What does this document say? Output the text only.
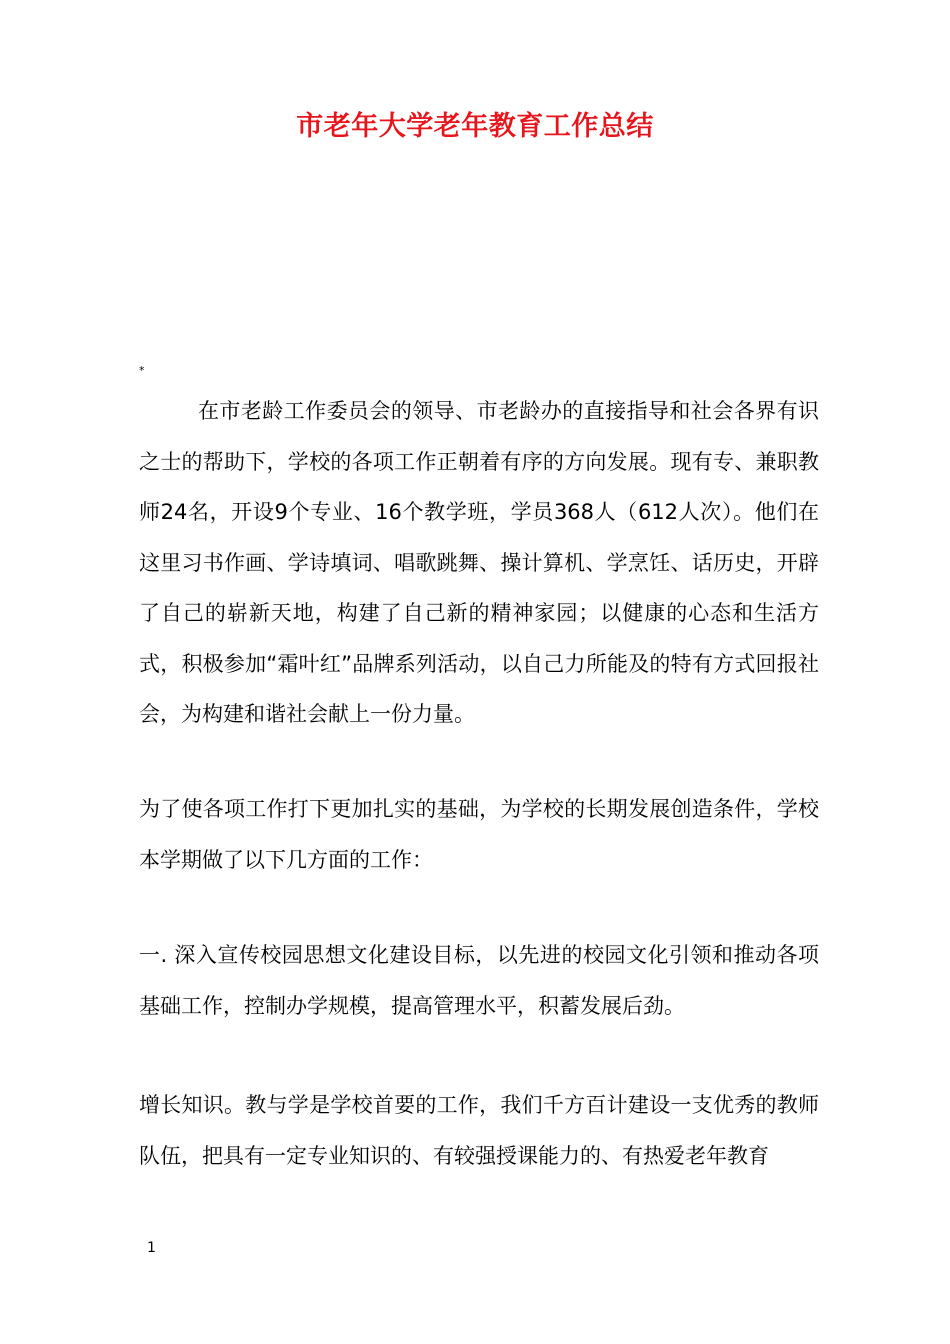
市老年大学老年教育工作总结
*

在市老龄工作委员会的领导、市老龄办的直接指导和社会各界有识之士的帮助下，学校的各项工作正朝着有序的方向发展。现有专、兼职教师24名，开设9个专业、16个教学班，学员368人（612人次）。他们在这里习书作画、学诗填词、唱歌跳舞、操计算机、学烹饪、话历史，开辟了自己的崭新天地，构建了自己新的精神家园；以健康的心态和生活方式，积极参加“霜叶红”品牌系列活动，以自己力所能及的特有方式回报社会，为构建和谐社会献上一份力量。

为了使各项工作打下更加扎实的基础，为学校的长期发展创造条件，学校本学期做了以下几方面的工作：

一. 深入宣传校园思想文化建设目标，以先进的校园文化引领和推动各项基础工作，控制办学规模，提高管理水平，积蓄发展后劲。

增长知识。教与学是学校首要的工作，我们千方百计建设一支优秀的教师队伍，把具有一定专业知识的、有较强授课能力的、有热爱老年教育

1
